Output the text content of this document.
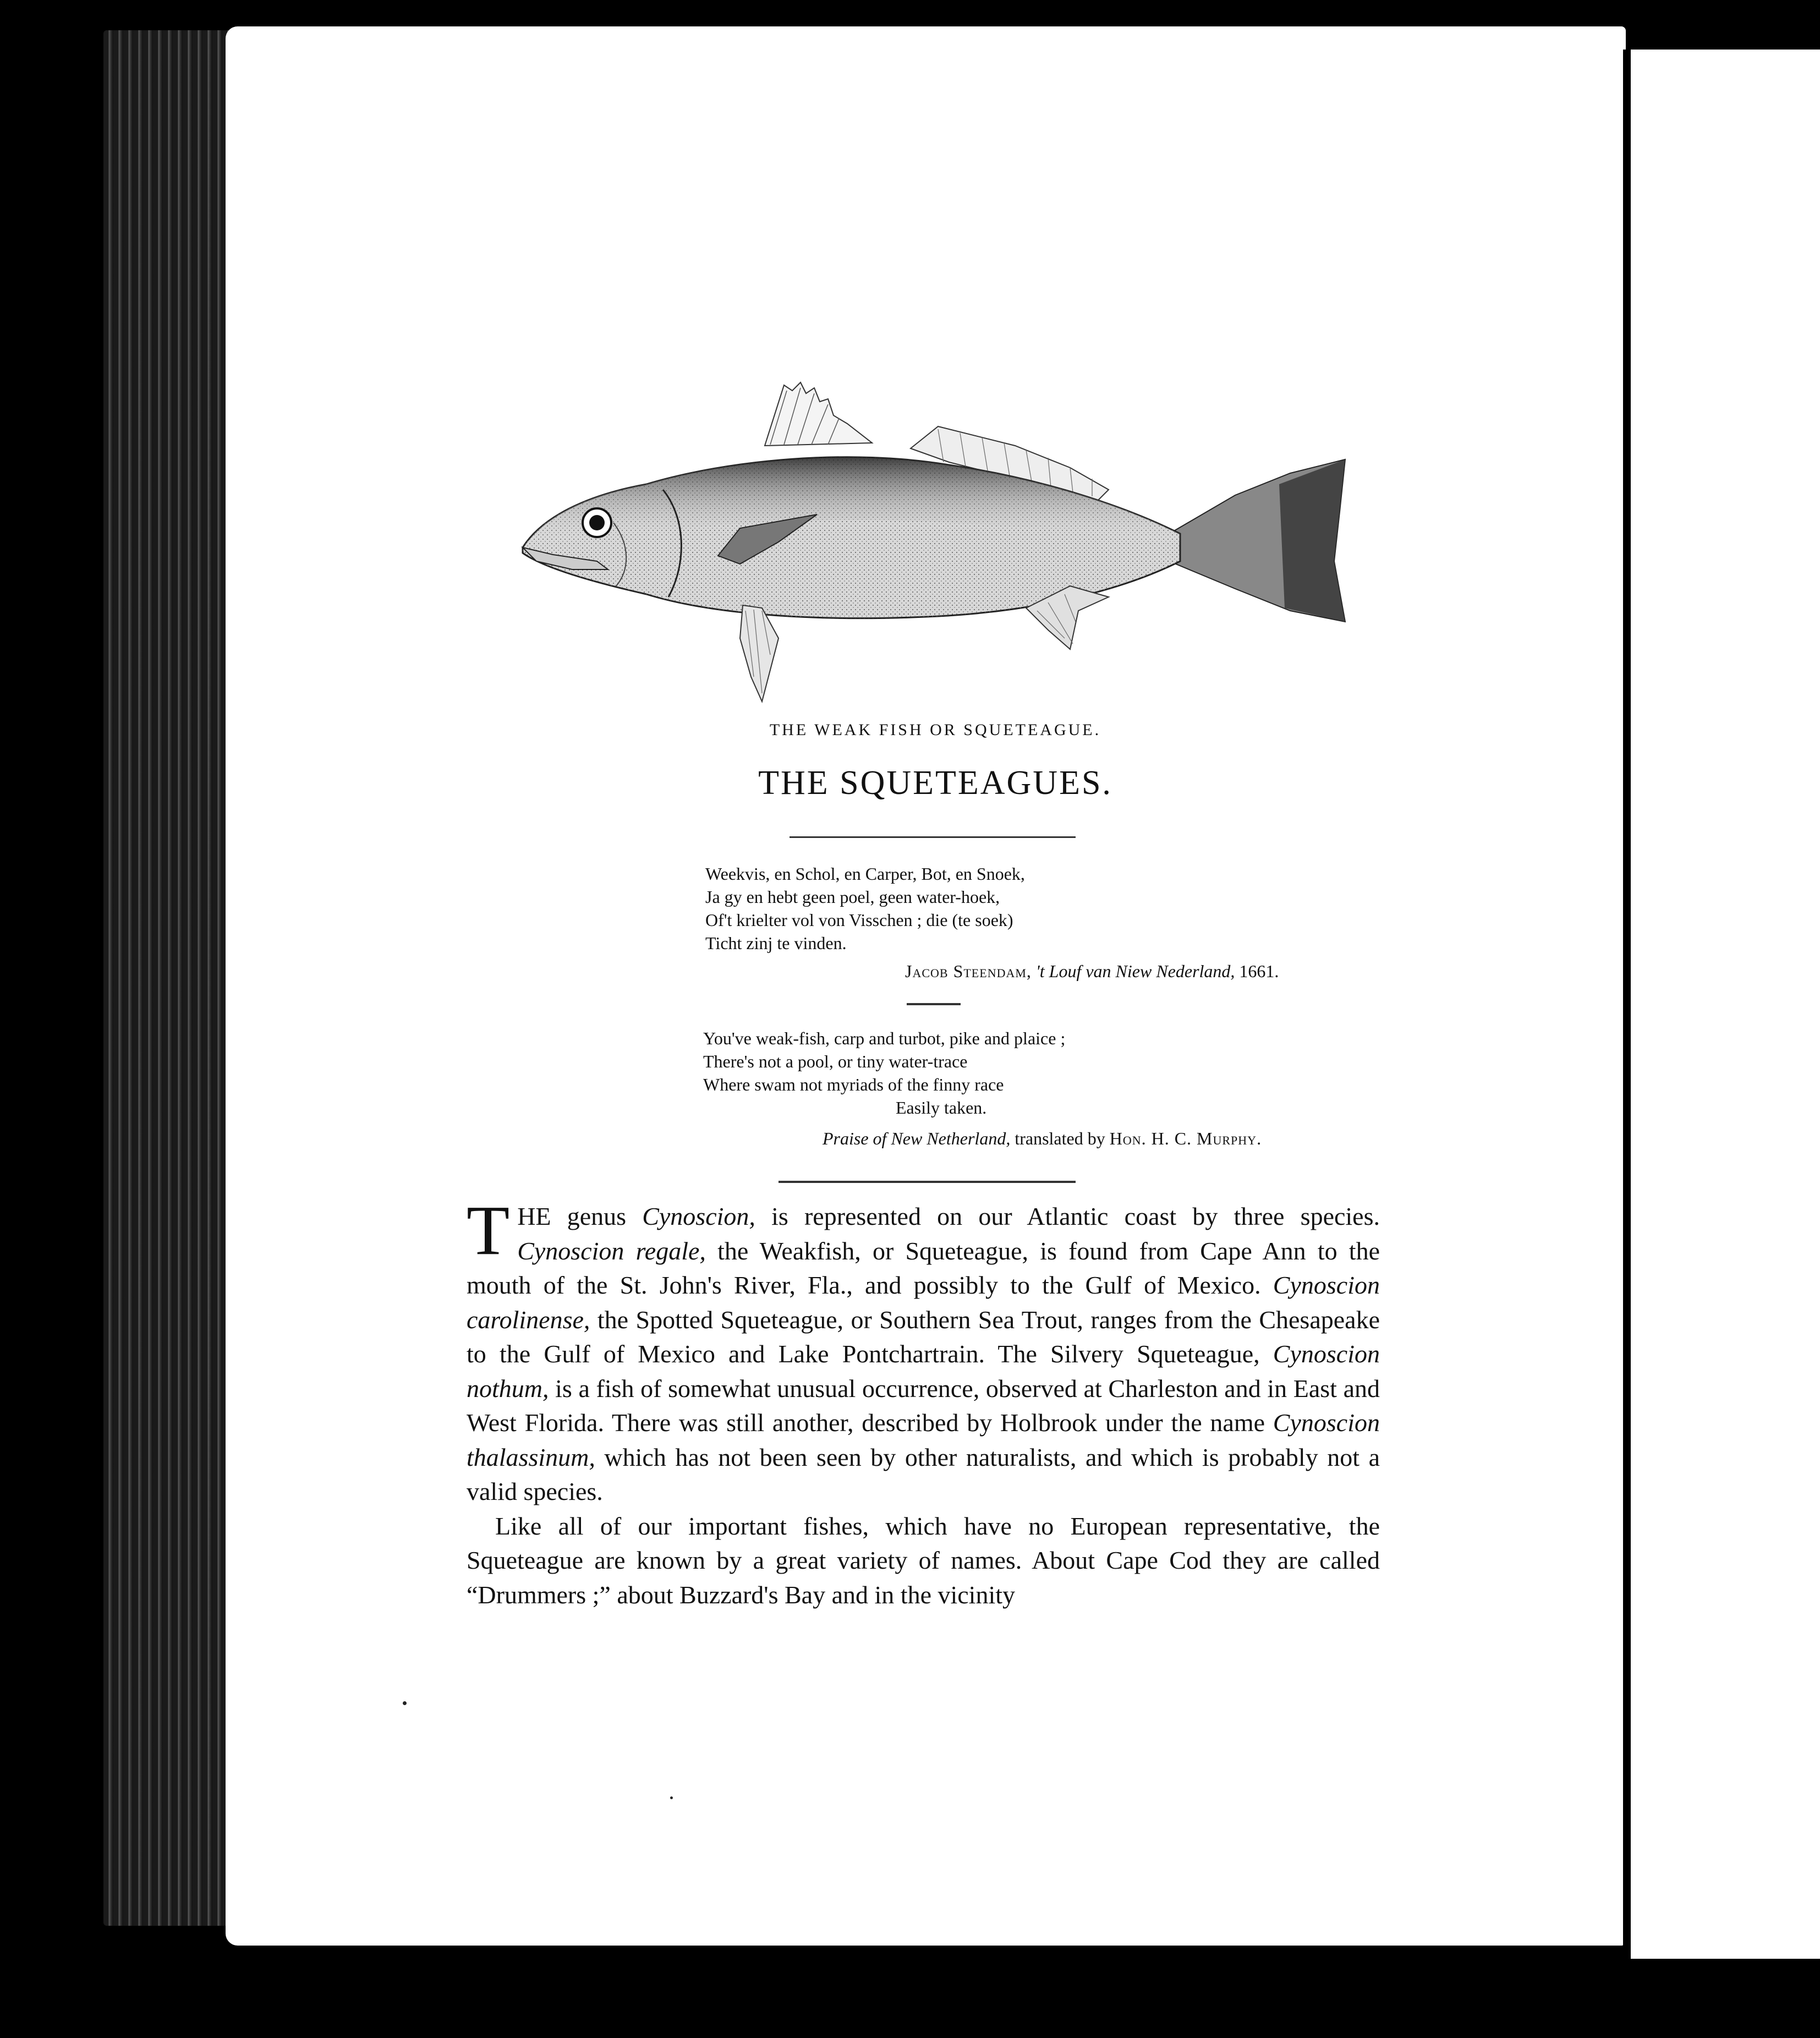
THE WEAK FISH OR SQUETEAGUE.
THE SQUETEAGUES.
Weekvis, en Schol, en Carper, Bot, en Snoek,
Ja gy en hebt geen poel, geen water-hoek,
Of't krielter vol von Visschen ; die (te soek)
Ticht zinj te vinden.
Jacob Steendam, 't Louf van Niew Nederland, 1661.
You've weak-fish, carp and turbot, pike and plaice ;
There's not a pool, or tiny water-trace
Where swam not myriads of the finny race
Easily taken.
Praise of New Netherland, translated by Hon. H. C. Murphy.

THE genus Cynoscion, is represented on our Atlantic coast by three species. Cynoscion regale, the Weakfish, or Squeteague, is found from Cape Ann to the mouth of the St. John's River, Fla., and possibly to the Gulf of Mexico. Cynoscion carolinense, the Spotted Squeteague, or Southern Sea Trout, ranges from the Chesapeake to the Gulf of Mexico and Lake Pontchartrain. The Silvery Squeteague, Cynoscion nothum, is a fish of somewhat unusual occurrence, observed at Charleston and in East and West Florida. There was still another, described by Holbrook under the name Cynoscion thalassinum, which has not been seen by other naturalists, and which is probably not a valid species.

Like all of our important fishes, which have no European representative, the Squeteague are known by a great variety of names. About Cape Cod they are called “Drummers ;” about Buzzard's Bay and in the vicinity
